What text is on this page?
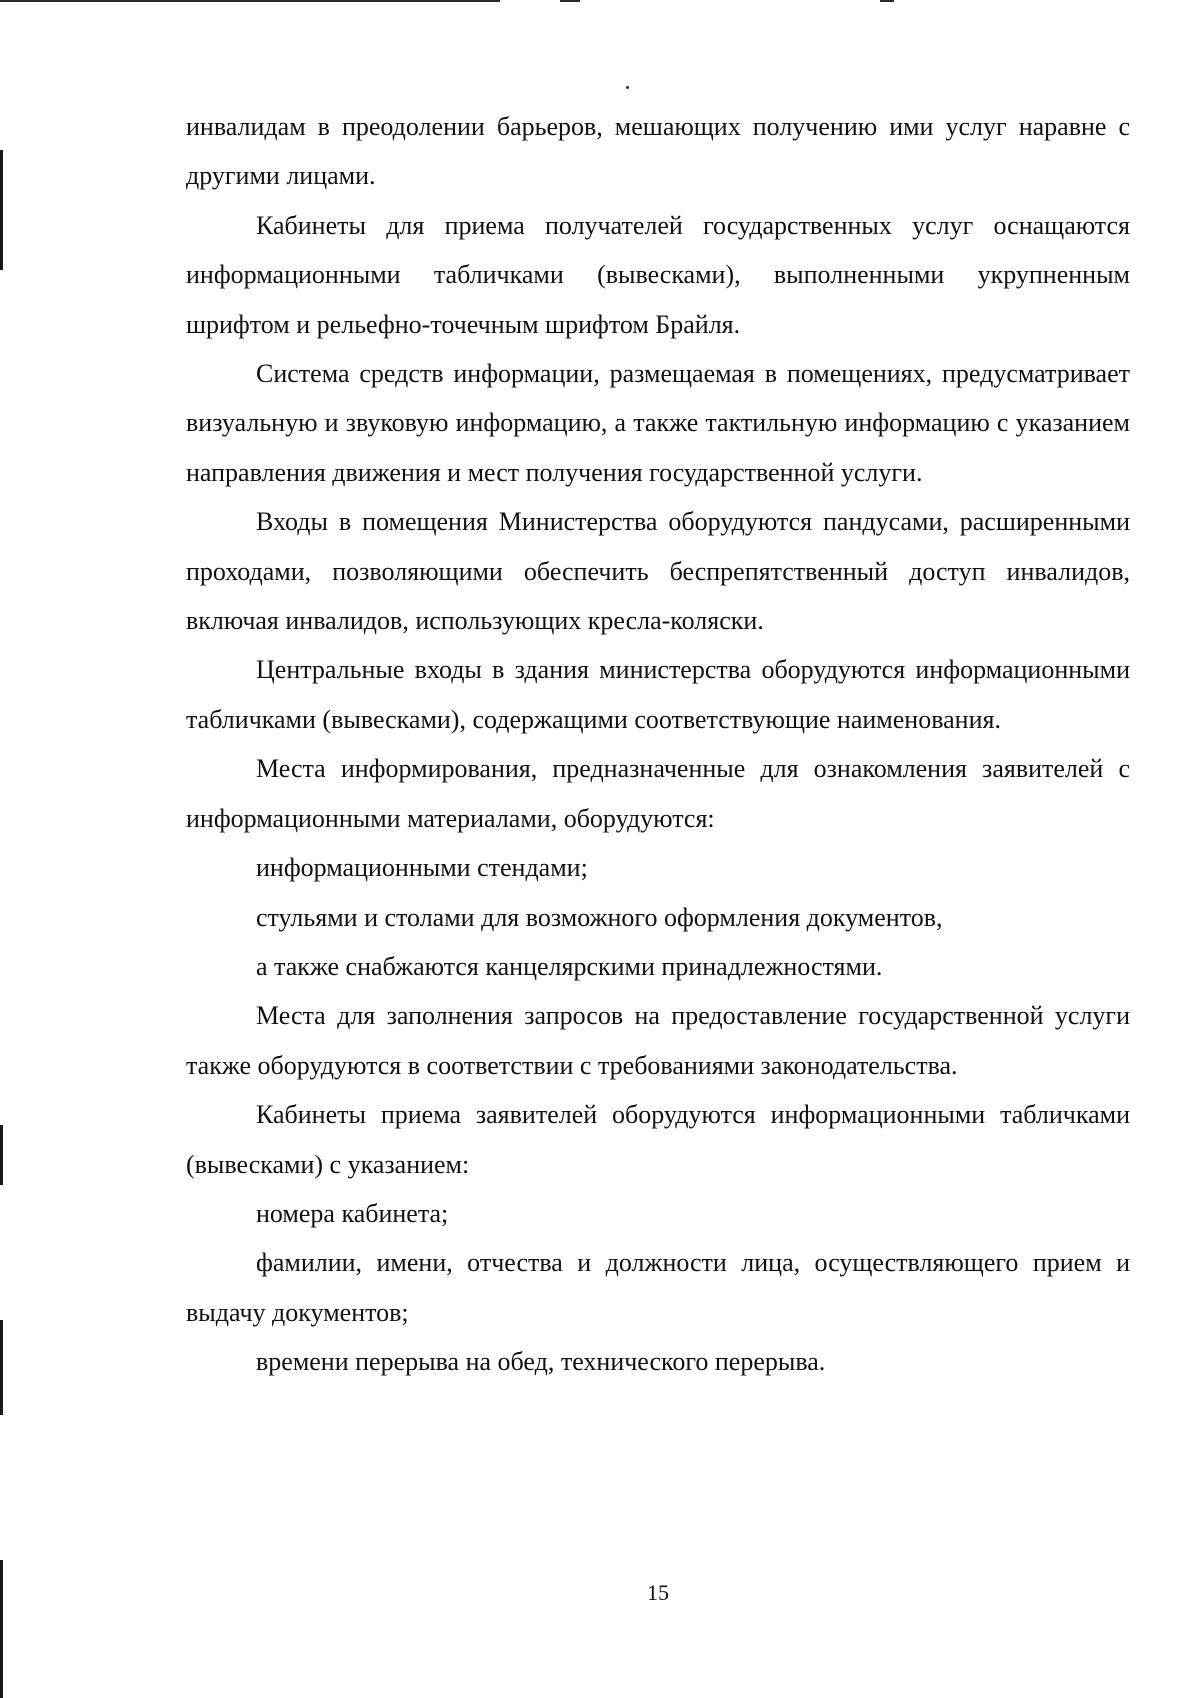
инвалидам в преодолении барьеров, мешающих получению ими услуг наравне с другими лицами.

Кабинеты для приема получателей государственных услуг оснащаются информационными табличками (вывесками), выполненными укрупненным шрифтом и рельефно-точечным шрифтом Брайля.

Система средств информации, размещаемая в помещениях, предусматривает визуальную и звуковую информацию, а также тактильную информацию с указанием направления движения и мест получения государственной услуги.

Входы в помещения Министерства оборудуются пандусами, расширенными проходами, позволяющими обеспечить беспрепятственный доступ инвалидов, включая инвалидов, использующих кресла-коляски.

Центральные входы в здания министерства оборудуются информационными табличками (вывесками), содержащими соответствующие наименования.

Места информирования, предназначенные для ознакомления заявителей с информационными материалами, оборудуются:

информационными стендами;

стульями и столами для возможного оформления документов,

а также снабжаются канцелярскими принадлежностями.

Места для заполнения запросов на предоставление государственной услуги также оборудуются в соответствии с требованиями законодательства.

Кабинеты приема заявителей оборудуются информационными табличками (вывесками) с указанием:

номера кабинета;

фамилии, имени, отчества и должности лица, осуществляющего прием и выдачу документов;

времени перерыва на обед, технического перерыва.

15
